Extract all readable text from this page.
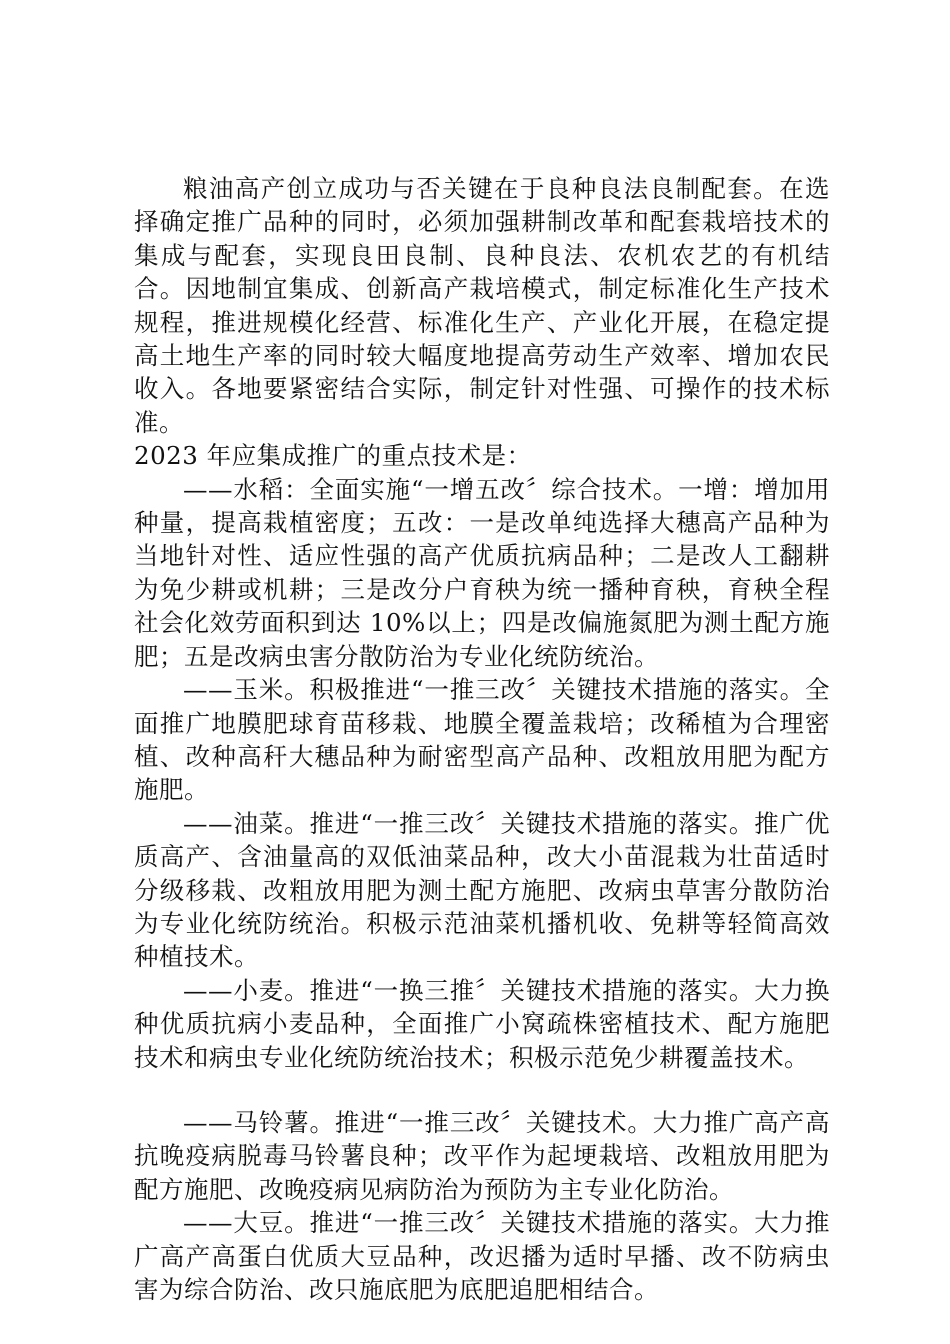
粮油高产创立成功与否关键在于良种良法良制配套。在选择确定推广品种的同时，必须加强耕制改革和配套栽培技术的集成与配套，实现良田良制、良种良法、农机农艺的有机结合。因地制宜集成、创新高产栽培模式，制定标准化生产技术规程，推进规模化经营、标准化生产、产业化开展，在稳定提高土地生产率的同时较大幅度地提高劳动生产效率、增加农民收入。各地要紧密结合实际，制定针对性强、可操作的技术标准。

2023 年应集成推广的重点技术是：

——水稻：全面实施“一增五改〞综合技术。一增：增加用种量，提高栽植密度；五改：一是改单纯选择大穗高产品种为当地针对性、适应性强的高产优质抗病品种；二是改人工翻耕为免少耕或机耕；三是改分户育秧为统一播种育秧，育秧全程社会化效劳面积到达 10%以上；四是改偏施氮肥为测土配方施肥；五是改病虫害分散防治为专业化统防统治。

——玉米。积极推进“一推三改〞关键技术措施的落实。全面推广地膜肥球育苗移栽、地膜全覆盖栽培；改稀植为合理密植、改种高秆大穗品种为耐密型高产品种、改粗放用肥为配方施肥。

——油菜。推进“一推三改〞关键技术措施的落实。推广优质高产、含油量高的双低油菜品种，改大小苗混栽为壮苗适时分级移栽、改粗放用肥为测土配方施肥、改病虫草害分散防治为专业化统防统治。积极示范油菜机播机收、免耕等轻简高效种植技术。

——小麦。推进“一换三推〞关键技术措施的落实。大力换种优质抗病小麦品种，全面推广小窝疏株密植技术、配方施肥技术和病虫专业化统防统治技术；积极示范免少耕覆盖技术。

——马铃薯。推进“一推三改〞关键技术。大力推广高产高抗晚疫病脱毒马铃薯良种；改平作为起埂栽培、改粗放用肥为配方施肥、改晚疫病见病防治为预防为主专业化防治。

——大豆。推进“一推三改〞关键技术措施的落实。大力推广高产高蛋白优质大豆品种，改迟播为适时早播、改不防病虫害为综合防治、改只施底肥为底肥追肥相结合。
